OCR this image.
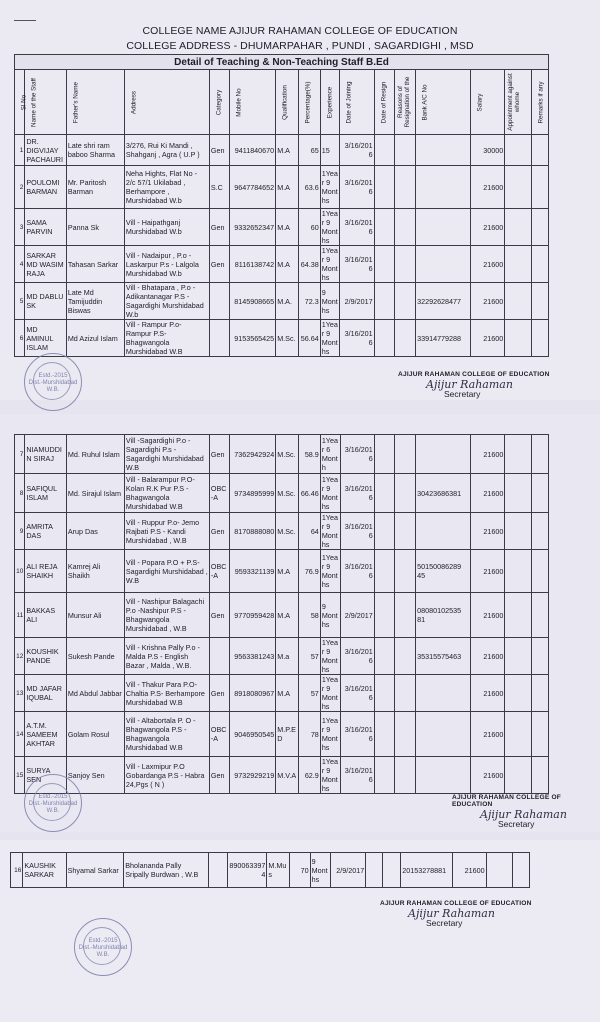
COLLEGE NAME AJIJUR RAHAMAN COLLEGE OF EDUCATION
COLLEGE ADDRESS - DHUMARPAHAR , PUNDI , SAGARDIGHI , MSD
Detail of Teaching & Non-Teaching Staff B.Ed															

Sl No	Name of the Staff	Father's Name	Address	Category	Mobile No	Qualification	Percentage(%)	Experience	Date of Joining	Date of Resign	Reasons of Resignation of the	Bank A/C No	Salary	Appointment against whome	Remarks if any

1	DR. DIGVIJAY PACHAURI	Late shri ram baboo Sharma	3/276, Rui Ki Mandi , Shahganj , Agra ( U.P )	Gen	9411840670	M.A	65	15	3/16/2016				30000		
2	POULOMI BARMAN	Mr. Paritosh Barman	Neha Hights, Flat No - 2/c 57/1 Ukilabad , Berhampore , Murshidabad W.b	S.C	9647784652	M.A	63.6	1Year 9 Months	3/16/2016				21600		
3	SAMA PARVIN	Panna Sk	Vill - Haipathganj Murshidabad W.b	Gen	9332652347	M.A	60	1Year 9 Months	3/16/2016				21600		
4	SARKAR MD WASIM RAJA	Tahasan Sarkar	Vill - Nadaipur , P.o - Laskarpur P.s - Lalgola Murshidabad W.b	Gen	8116138742	M.A	64.38	1Year 9 Months	3/16/2016				21600		
5	MD DABLU SK	Late Md Tamijuddin Biswas	Vill - Bhatapara , P.o - Adikantanagar P.S - Sagardighi Murshidabad W.b		8145908665	M.A.	72.3	9 Months	2/9/2017			32292628477	21600		
6	MD AMINUL ISLAM	Md Azizul Islam	Vill - Rampur P.o- Rampur P.S- Bhagwangola Murshidabad W.B		9153565425	M.Sc.	56.64	1Year 9 Months	3/16/2016			33914779288	21600		
Estd.-2015
Dist.-Murshidabad
W.B.
AJIJUR RAHAMAN COLLEGE OF EDUCATION
Ajijur Rahaman
Secretary
7	NIAMUDDIN SIRAJ	Md. Ruhul Islam	Vill -Sagardighi P.o - Sagardighi P.s - Sagardighi Murshidabad W.B	Gen	7362942924	M.Sc.	58.9	1Year 6 Month	3/16/2016				21600		
8	SAFIQUL ISLAM	Md. Sirajul Islam	Vill - Balarampur P.O- Kolan R.K Pur P.S - Bhagwangola Murshidabad W.B	OBC-A	9734895999	M.Sc.	66.46	1Year 9 Months	3/16/2016			30423686381	21600		
9	AMRITA DAS	Arup Das	Vill - Ruppur P.o- Jemo Rajbati P.S - Kandi Murshidabad , W.B	Gen	8170888080	M.Sc.	64	1Year 9 Months	3/16/2016				21600		
10	ALI REJA SHAIKH	Kamrej Ali Shaikh	Vill - Popara P.O + P.S- Sagardighi Murshidabad , W.B	OBC-A	9593321139	M.A	76.9	1Year 9 Months	3/16/2016			50150086289 45	21600		
11	BAKKAS ALI	Munsur Ali	Vill - Nashipur Balagachi P.o -Nashipur P.S - Bhagwangola Murshidabad , W.B	Gen	9770959428	M.A	58	9 Months	2/9/2017			08080102535 81	21600		
12	KOUSHIK PANDE	Sukesh Pande	Vill - Krishna Pally P.o - Malda P.S - English Bazar , Malda , W.B.		9563381243	M.a	57	1Year 9 Months	3/16/2016			35315575463	21600		
13	MD JAFAR IQUBAL	Md Abdul Jabbar	Vill - Thakur Para P.O- Chaltia P.S- Berhampore Murshidabad W.B	Gen	8918080967	M.A	57	1Year 9 Months	3/16/2016				21600		
14	A.T.M. SAMEEM AKHTAR	Golam Rosul	Vill - Altabortala P. O - Bhagwangola P.S - Bhagwangola Murshidabad W.B	OBC-A	9046950545	M.P.ED	78	1Year 9 Months	3/16/2016				21600		
15	SURYA SEN	Sanjoy Sen	Vill - Laxmipur P.O Gobardanga P.S - Habra 24,Pgs ( N )	Gen	9732929219	M.V.A	62.9	1Year 9 Months	3/16/2016				21600		
Estd.-2015
Dist.-Murshidabad
W.B.
AJIJUR RAHAMAN COLLEGE OF EDUCATION
Ajijur Rahaman
Secretary
16	KAUSHIK SARKAR	Shyamal Sarkar	Bholananda Pally Sripally Burdwan , W.B		8900633974	M.Mus	70	9 Months	2/9/2017			20153278881	21600		
Estd.-2015
Dist.-Murshidabad
W.B.
AJIJUR RAHAMAN COLLEGE OF EDUCATION
Ajijur Rahaman
Secretary
